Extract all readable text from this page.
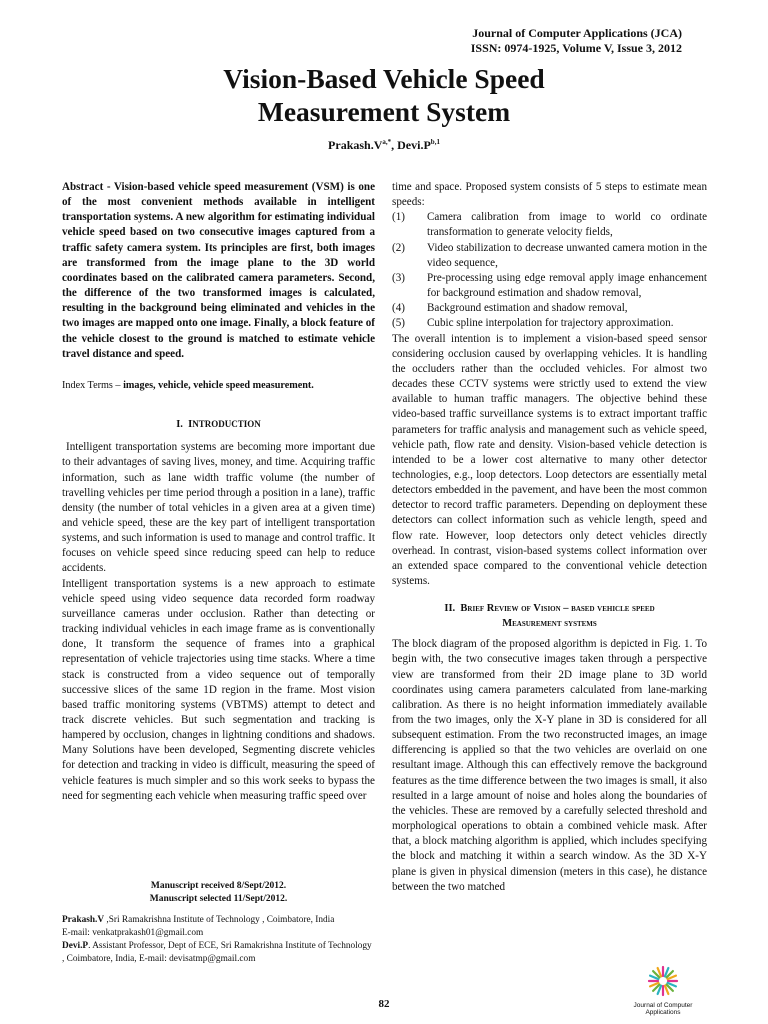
Journal of Computer Applications (JCA)
ISSN: 0974-1925, Volume V, Issue 3, 2012
Vision-Based Vehicle Speed
Measurement System
$Prakash.V^{a,*}$, $Devi.P^{b,1}$

Abstract - Vision-based vehicle speed measurement (VSM) is one of the most convenient methods available in intelligent transportation systems. A new algorithm for estimating individual vehicle speed based on two consecutive images captured from a traffic safety camera system. Its principles are first, both images are transformed from the image plane to the 3D world coordinates based on the calibrated camera parameters. Second, the difference of the two transformed images is calculated, resulting in the background being eliminated and vehicles in the two images are mapped onto one image. Finally, a block feature of the vehicle closest to the ground is matched to estimate vehicle travel distance and speed.

Index Terms – images, vehicle, vehicle speed measurement.

I. INTRODUCTION

Intelligent transportation systems are becoming more important due to their advantages of saving lives, money, and time. Acquiring traffic information, such as lane width traffic volume (the number of travelling vehicles per time period through a position in a lane), traffic density (the number of total vehicles in a given area at a given time) and vehicle speed, these are the key part of intelligent transportation systems, and such information is used to manage and control traffic. It focuses on vehicle speed since reducing speed can help to reduce accidents.

Intelligent transportation systems is a new approach to estimate vehicle speed using video sequence data recorded form roadway surveillance cameras under occlusion. Rather than detecting or tracking individual vehicles in each image frame as is conventionally done, It transform the sequence of frames into a graphical representation of vehicle trajectories using time stacks. Where a time stack is constructed from a video sequence out of temporally successive slices of the same 1D region in the frame. Most vision based traffic monitoring systems (VBTMS) attempt to detect and track discrete vehicles. But such segmentation and tracking is hampered by occlusion, changes in lightning conditions and shadows. Many Solutions have been developed, Segmenting discrete vehicles for detection and tracking in video is difficult, measuring the speed of vehicle features is much simpler and so this work seeks to bypass the need for segmenting each vehicle when measuring traffic speed over

time and space. Proposed system consists of 5 steps to estimate mean speeds:

(1)	Camera calibration from image to world co ordinate transformation to generate velocity fields,
(2)	Video stabilization to decrease unwanted camera motion in the video sequence,
(3)	Pre-processing using edge removal apply image enhancement for background estimation and shadow removal,
(4)	Background estimation and shadow removal,
(5)	Cubic spline interpolation for trajectory approximation.

The overall intention is to implement a vision-based speed sensor considering occlusion caused by overlapping vehicles. It is handling the occluders rather than the occluded vehicles. For almost two decades these CCTV systems were strictly used to extend the view available to human traffic managers. The objective behind these video-based traffic surveillance systems is to extract important traffic parameters for traffic analysis and management such as vehicle speed, vehicle path, flow rate and density. Vision-based vehicle detection is intended to be a lower cost alternative to many other detector technologies, e.g., loop detectors. Loop detectors are essentially metal detectors embedded in the pavement, and have been the most common detector to record traffic parameters. Depending on deployment these detectors can collect information such as vehicle length, speed and flow rate. However, loop detectors only detect vehicles directly overhead. In contrast, vision-based systems collect information over an extended space compared to the conventional vehicle detection systems.

II. Brief Review of Vision – based vehicle speed
Measurement systems

The block diagram of the proposed algorithm is depicted in Fig. 1. To begin with, the two consecutive images taken through a perspective view are transformed from their 2D image plane to 3D world coordinates using camera parameters calculated from lane-marking calibration. As there is no height information immediately available from the two images, only the X-Y plane in 3D is considered for all subsequent estimation. From the two reconstructed images, an image differencing is applied so that the two vehicles are overlaid on one resultant image. Although this can effectively remove the background features as the time difference between the two images is small, it also resulted in a large amount of noise and holes along the boundaries of the vehicles. These are removed by a carefully selected threshold and morphological operations to obtain a combined vehicle mask. After that, a block matching algorithm is applied, which includes specifying the block and matching it within a search window. As the 3D X-Y plane is given in physical dimension (meters in this case), he distance between the two matched

Manuscript received 8/Sept/2012.
Manuscript selected 11/Sept/2012.
Prakash.V ,Sri Ramakrishna Institute of Technology , Coimbatore, India
E-mail: venkatprakash01@gmail.com
Devi.P. Assistant Professor, Dept of ECE, Sri Ramakrishna Institute of Technology , Coimbatore, India, E-mail: devisatmp@gmail.com
82	Journal of Computer
Applications
